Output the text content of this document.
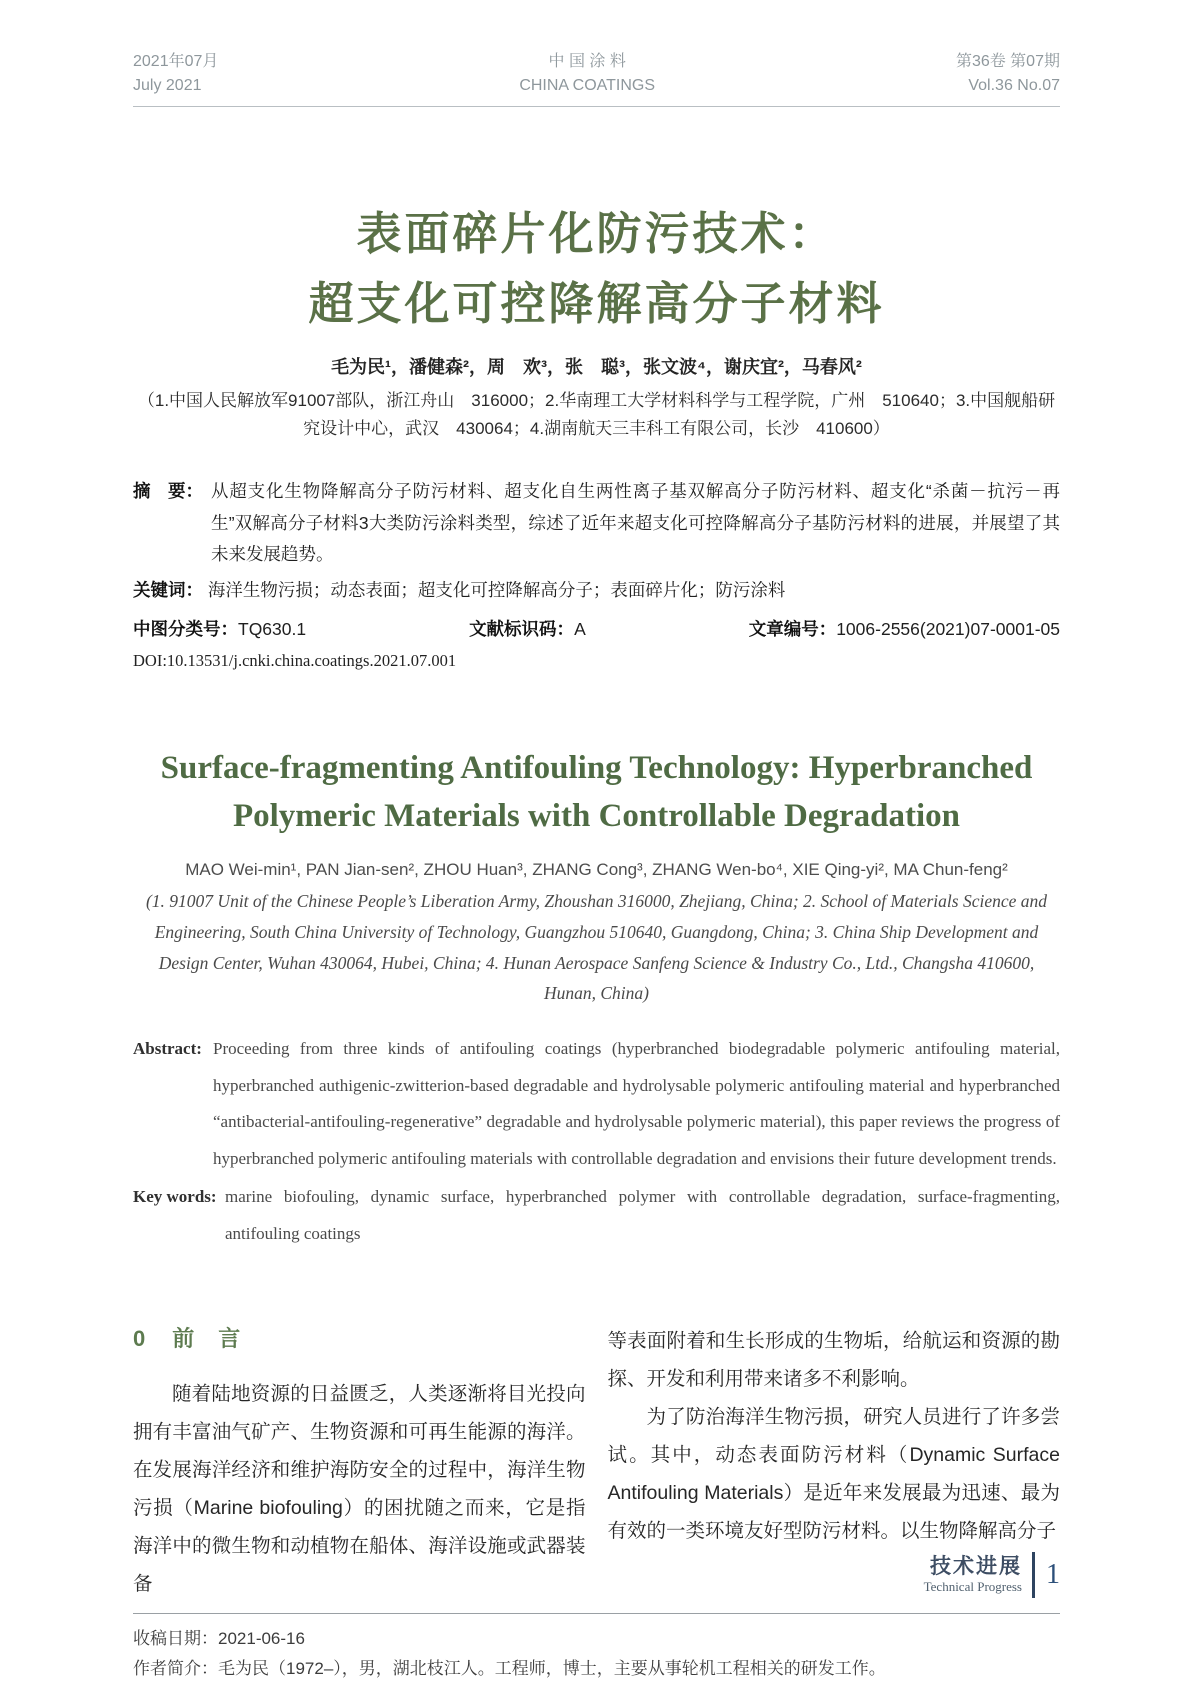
2021年07月
July 2021
中 国 涂 料
CHINA COATINGS
第36卷 第07期
Vol.36 No.07
表面碎片化防污技术：
超支化可控降解高分子材料
毛为民¹，潘健森²，周　欢³，张　聪³，张文波⁴，谢庆宜²，马春风²
（1.中国人民解放军91007部队，浙江舟山　316000；2.华南理工大学材料科学与工程学院，广州　510640；3.中国舰船研究设计中心，武汉　430064；4.湖南航天三丰科工有限公司，长沙　410600）
摘　要： 从超支化生物降解高分子防污材料、超支化自生两性离子基双解高分子防污材料、超支化“杀菌－抗污－再生”双解高分子材料3大类防污涂料类型，综述了近年来超支化可控降解高分子基防污材料的进展，并展望了其未来发展趋势。
关键词： 海洋生物污损；动态表面；超支化可控降解高分子；表面碎片化；防污涂料
中图分类号：TQ630.1	文献标识码：A	文章编号：1006-2556(2021)07-0001-05
DOI:10.13531/j.cnki.china.coatings.2021.07.001
Surface-fragmenting Antifouling Technology: Hyperbranched
Polymeric Materials with Controllable Degradation
MAO Wei-min¹, PAN Jian-sen², ZHOU Huan³, ZHANG Cong³, ZHANG Wen-bo⁴, XIE Qing-yi², MA Chun-feng²
(1. 91007 Unit of the Chinese People’s Liberation Army, Zhoushan 316000, Zhejiang, China; 2. School of Materials Science and Engineering, South China University of Technology, Guangzhou 510640, Guangdong, China; 3. China Ship Development and Design Center, Wuhan 430064, Hubei, China; 4. Hunan Aerospace Sanfeng Science & Industry Co., Ltd., Changsha 410600, Hunan, China)
Abstract: Proceeding from three kinds of antifouling coatings (hyperbranched biodegradable polymeric antifouling material, hyperbranched authigenic-zwitterion-based degradable and hydrolysable polymeric antifouling material and hyperbranched “antibacterial-antifouling-regenerative” degradable and hydrolysable polymeric material), this paper reviews the progress of hyperbranched polymeric antifouling materials with controllable degradation and envisions their future development trends.
Key words: marine biofouling, dynamic surface, hyperbranched polymer with controllable degradation, surface-fragmenting, antifouling coatings
0 前　言

随着陆地资源的日益匮乏，人类逐渐将目光投向拥有丰富油气矿产、生物资源和可再生能源的海洋。在发展海洋经济和维护海防安全的过程中，海洋生物污损（Marine biofouling）的困扰随之而来，它是指海洋中的微生物和动植物在船体、海洋设施或武器装备

等表面附着和生长形成的生物垢，给航运和资源的勘探、开发和利用带来诸多不利影响。

为了防治海洋生物污损，研究人员进行了许多尝试。其中，动态表面防污材料（Dynamic Surface Antifouling Materials）是近年来发展最为迅速、最为有效的一类环境友好型防污材料。以生物降解高分子

收稿日期：2021-06-16
作者简介：毛为民（1972–），男，湖北枝江人。工程师，博士，主要从事轮机工程相关的研发工作。
技术进展
Technical Progress 1
